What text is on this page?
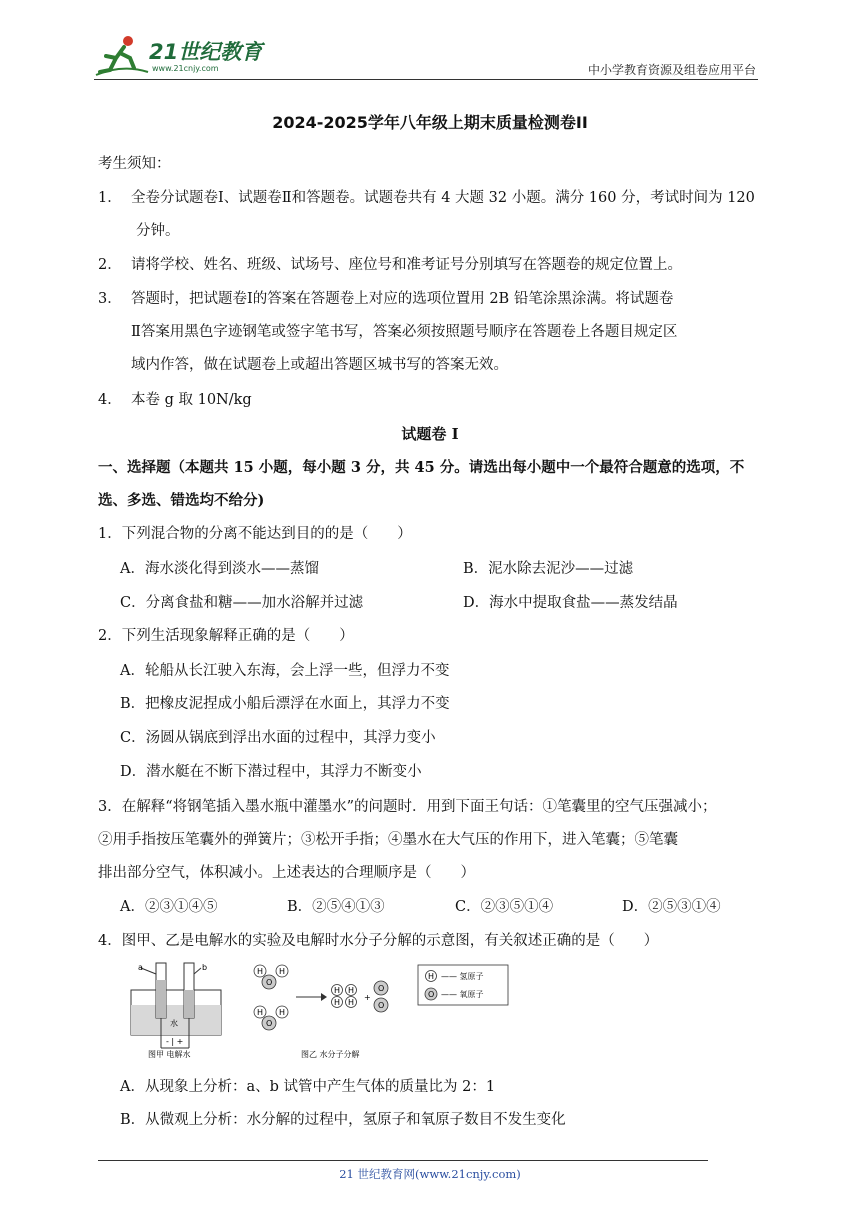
21世纪教育
www.21cnjy.com	中小学教育资源及组卷应用平台
2024-2025学年八年级上期末质量检测卷II
考生须知：
1． 全卷分试题卷Ⅰ、试题卷Ⅱ和答题卷。试题卷共有 4 大题 32 小题。满分 160 分，考试时间为 120
分钟。
2． 请将学校、姓名、班级、试场号、座位号和准考证号分别填写在答题卷的规定位置上。
3． 答题时，把试题卷Ⅰ的答案在答题卷上对应的选项位置用 2B 铅笔涂黑涂满。将试题卷
Ⅱ答案用黑色字迹钢笔或签字笔书写，答案必须按照题号顺序在答题卷上各题目规定区
域内作答，做在试题卷上或超出答题区城书写的答案无效。
4． 本卷 g 取 10N/kg
试题卷 I
一、选择题（本题共 15 小题，每小题 3 分，共 45 分。请选出每小题中一个最符合题意的选项，不
选、多选、错选均不给分)
1．下列混合物的分离不能达到目的的是（　　）
A．海水淡化得到淡水——蒸馏	B．泥水除去泥沙——过滤
C．分离食盐和糖——加水浴解并过滤	D．海水中提取食盐——蒸发结晶
2．下列生活现象解释正确的是（　　）
A．轮船从长江驶入东海，会上浮一些，但浮力不变
B．把橡皮泥捏成小船后漂浮在水面上，其浮力不变
C．汤圆从锅底到浮出水面的过程中，其浮力变小
D．潜水艇在不断下潜过程中，其浮力不断变小
3．在解释“将钢笔插入墨水瓶中灌墨水”的问题时．用到下面王句话：①笔囊里的空气压强减小；
②用手指按压笔囊外的弹簧片；③松开手指；④墨水在大气压的作用下，进入笔囊；⑤笔囊
排出部分空气，体积减小。上述表达的合理顺序是（　　）
A．②③①④⑤	B．②⑤④①③	C．②③⑤①④	D．②⑤③①④
4．图甲、乙是电解水的实验及电解时水分子分解的示意图，有关叙述正确的是（　　）
a	b
水
- | +
图甲 电解水
H
O
H
H
O
H
H
H
H
H
+
O
O
图乙 水分子分解
H
O
—— 氢原子
—— 氧原子
A．从现象上分析：a、b 试管中产生气体的质量比为 2：1
B．从微观上分析：水分解的过程中，氢原子和氧原子数目不发生变化
21 世纪教育网(www.21cnjy.com)
